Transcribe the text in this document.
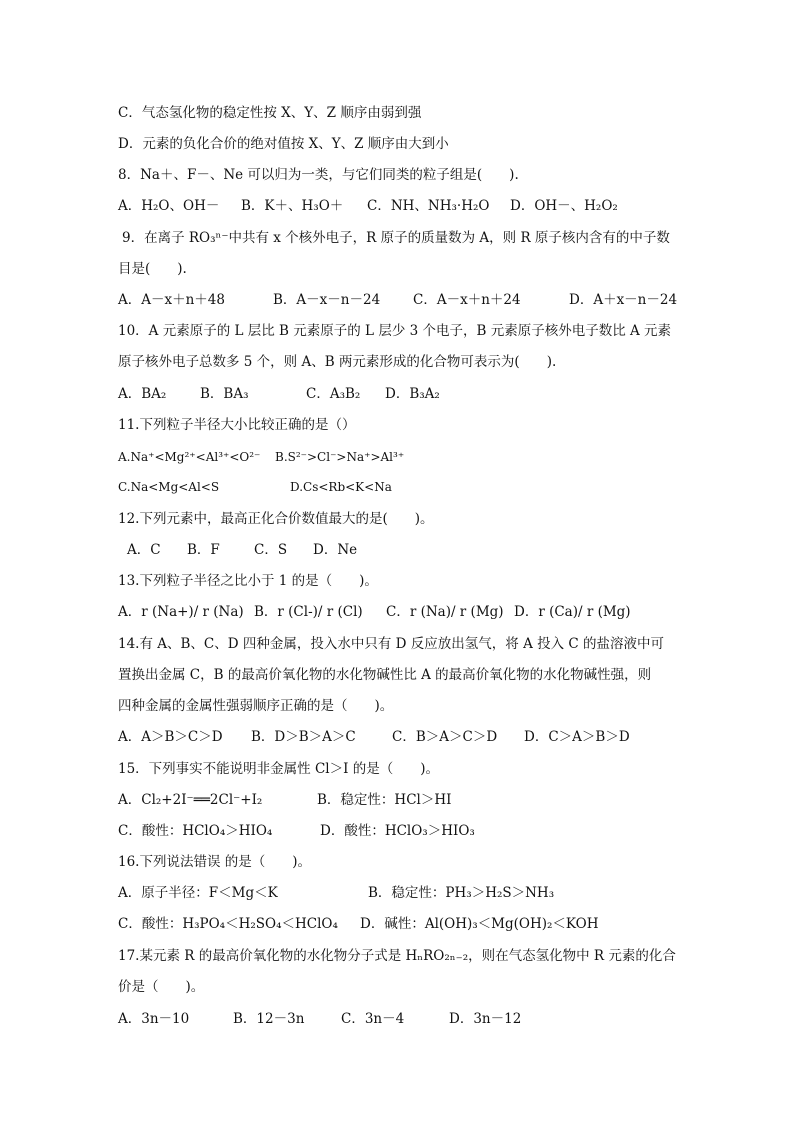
C．气态氢化物的稳定性按 X、Y、Z 顺序由弱到强
D．元素的负化合价的绝对值按 X、Y、Z 顺序由大到小
8．Na＋、F－、Ne 可以归为一类，与它们同类的粒子组是(　　).
A．H₂O、OH－ B．K＋、H₃O＋ C．NH、NH₃·H₂O D．OH－、H₂O₂
9．在离子 RO₃ⁿ⁻中共有 x 个核外电子，R 原子的质量数为 A，则 R 原子核内含有的中子数
目是(　　).
A．A－x＋n＋48	B．A－x－n－24 C．A－x＋n＋24	D．A＋x－n－24
10．A 元素原子的 L 层比 B 元素原子的 L 层少 3 个电子，B 元素原子核外电子数比 A 元素
原子核外电子总数多 5 个，则 A、B 两元素形成的化合物可表示为(　　).
A．BA₂ B．BA₃	C．A₃B₂ D．B₃A₂
11.下列粒子半径大小比较正确的是（）
A.Na⁺<Mg²⁺<Al³⁺<O²⁻ B.S²⁻>Cl⁻>Na⁺>Al³⁺
C.Na<Mg<Al<S	D.Cs<Rb<K<Na
12.下列元素中，最高正化合价数值最大的是(　　)。
A．C B．F	C．S D．Ne
13.下列粒子半径之比小于 1 的是（　　)。
A．r (Na+)/ r (Na) B．r (Cl-)/ r (Cl) C．r (Na)/ r (Mg) D．r (Ca)/ r (Mg)
14.有 A、B、C、D 四种金属，投入水中只有 D 反应放出氢气，将 A 投入 C 的盐溶液中可
置换出金属 C，B 的最高价氧化物的水化物碱性比 A 的最高价氧化物的水化物碱性强，则
四种金属的金属性强弱顺序正确的是（　　)。
A．A＞B＞C＞D B．D＞B＞A＞C	C．B＞A＞C＞D D．C＞A＞B＞D
15．下列事实不能说明非金属性 Cl＞I 的是（　　)。
A．Cl₂+2I⁻══2Cl⁻+I₂	B．稳定性：HCl＞HI
C．酸性：HClO₄＞HIO₄	D．酸性：HClO₃＞HIO₃
16.下列说法错误 的是（　　)。
A．原子半径：F＜Mg＜K	B．稳定性：PH₃＞H₂S＞NH₃
C．酸性：H₃PO₄＜H₂SO₄＜HClO₄ D．碱性：Al(OH)₃＜Mg(OH)₂＜KOH
17.某元素 R 的最高价氧化物的水化物分子式是 HₙRO₂ₙ₋₂，则在气态氢化物中 R 元素的化合
价是（　　)。
A．3n－10	B．12－3n	C．3n－4	D．3n－12
